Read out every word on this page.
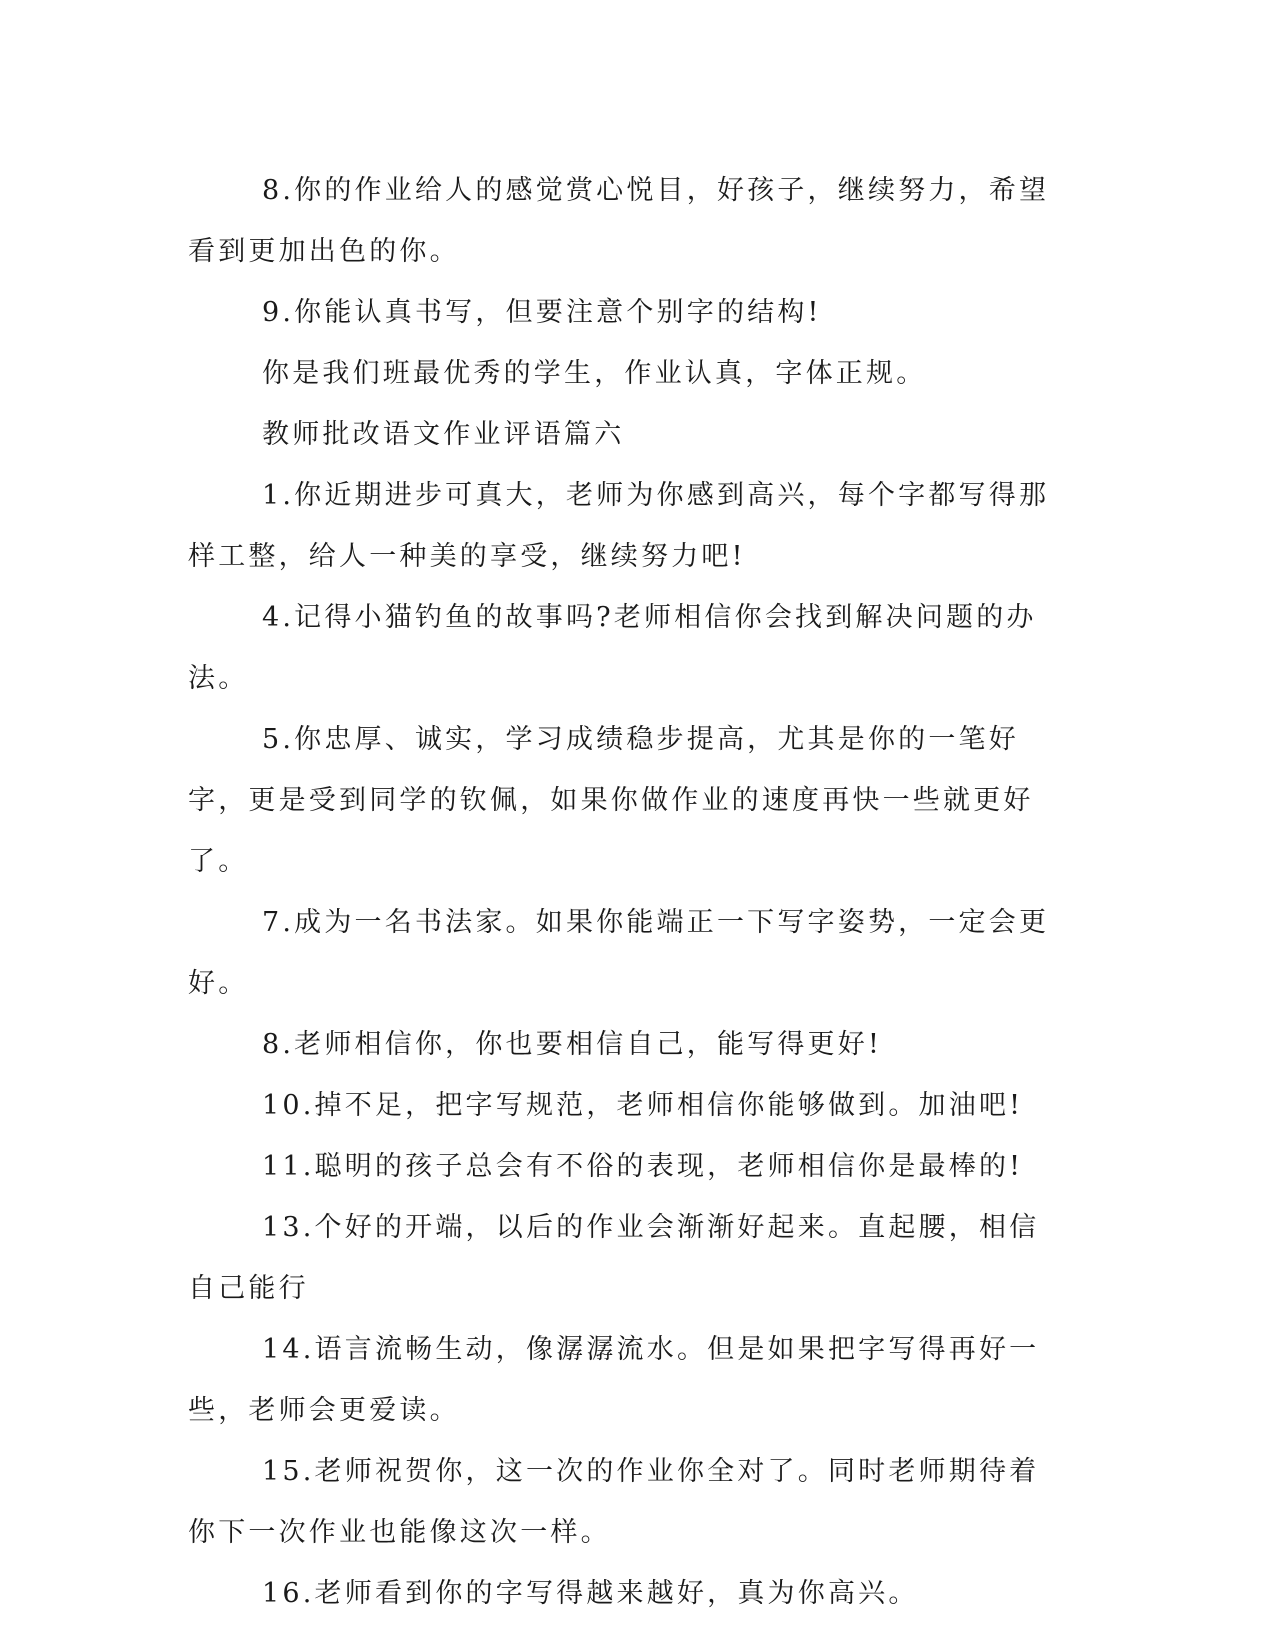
8.你的作业给人的感觉赏心悦目，好孩子，继续努力，希望看到更加出色的你。

9.你能认真书写，但要注意个别字的结构!

你是我们班最优秀的学生，作业认真，字体正规。

教师批改语文作业评语篇六

1.你近期进步可真大，老师为你感到高兴，每个字都写得那样工整，给人一种美的享受，继续努力吧!

4.记得小猫钓鱼的故事吗?老师相信你会找到解决问题的办法。

5.你忠厚、诚实，学习成绩稳步提高，尤其是你的一笔好字，更是受到同学的钦佩，如果你做作业的速度再快一些就更好了。

7.成为一名书法家。如果你能端正一下写字姿势，一定会更好。

8.老师相信你，你也要相信自己，能写得更好!

10.掉不足，把字写规范，老师相信你能够做到。加油吧!

11.聪明的孩子总会有不俗的表现，老师相信你是最棒的!

13.个好的开端，以后的作业会渐渐好起来。直起腰，相信自己能行

14.语言流畅生动，像潺潺流水。但是如果把字写得再好一些，老师会更爱读。

15.老师祝贺你，这一次的作业你全对了。同时老师期待着你下一次作业也能像这次一样。

16.老师看到你的字写得越来越好，真为你高兴。
